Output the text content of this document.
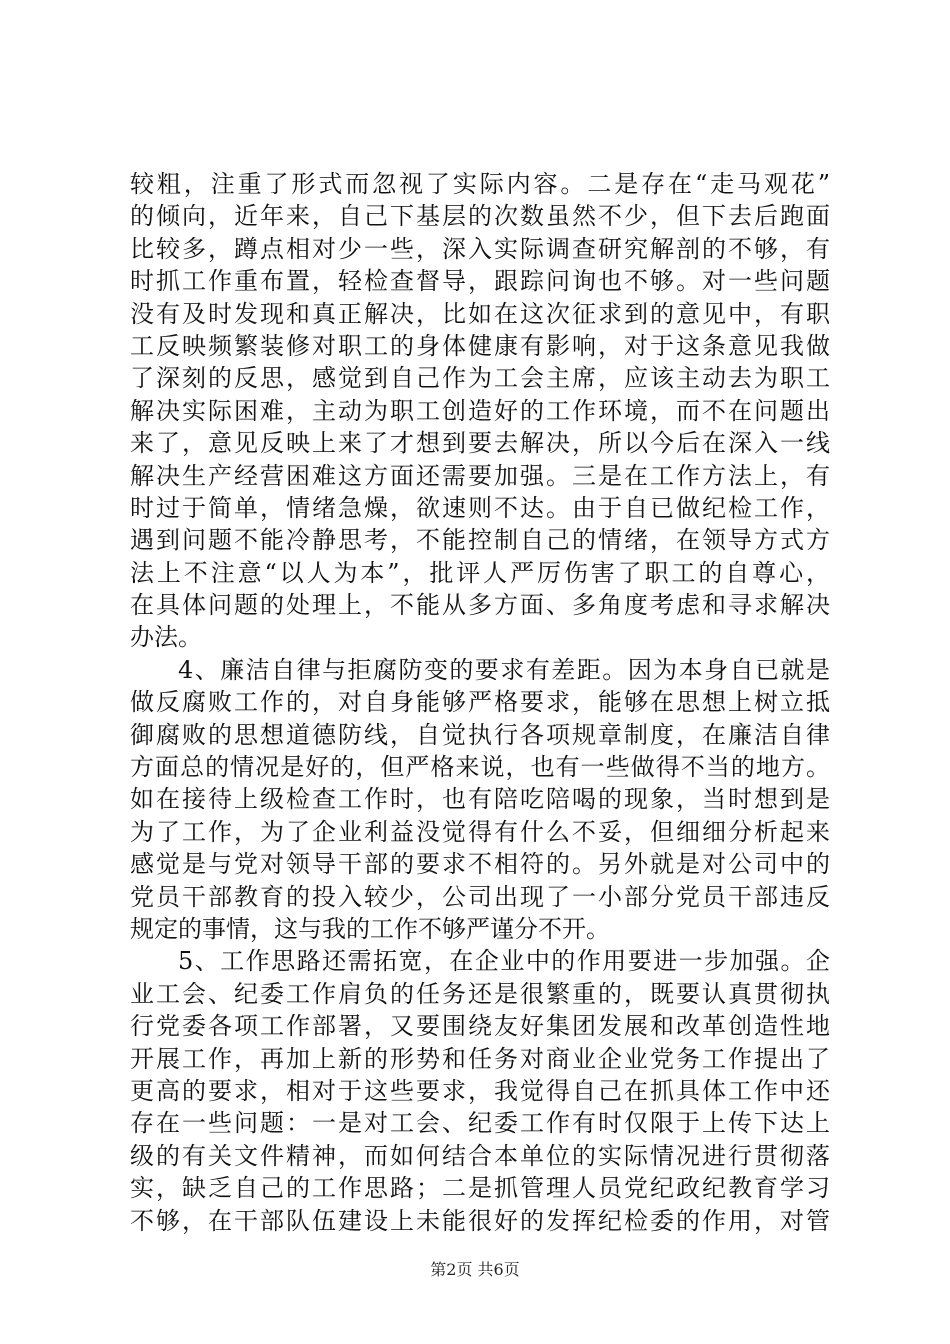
较粗，注重了形式而忽视了实际内容。二是存在“走马观花”
的倾向，近年来，自己下基层的次数虽然不少，但下去后跑面
比较多，蹲点相对少一些，深入实际调查研究解剖的不够，有
时抓工作重布置，轻检查督导，跟踪问询也不够。对一些问题
没有及时发现和真正解决，比如在这次征求到的意见中，有职
工反映频繁装修对职工的身体健康有影响，对于这条意见我做
了深刻的反思，感觉到自己作为工会主席，应该主动去为职工
解决实际困难，主动为职工创造好的工作环境，而不在问题出
来了，意见反映上来了才想到要去解决，所以今后在深入一线
解决生产经营困难这方面还需要加强。三是在工作方法上，有
时过于简单，情绪急燥，欲速则不达。由于自已做纪检工作，
遇到问题不能冷静思考，不能控制自己的情绪，在领导方式方
法上不注意“以人为本”，批评人严厉伤害了职工的自尊心，
在具体问题的处理上，不能从多方面、多角度考虑和寻求解决
办法。
4、廉洁自律与拒腐防变的要求有差距。因为本身自已就是
做反腐败工作的，对自身能够严格要求，能够在思想上树立抵
御腐败的思想道德防线，自觉执行各项规章制度，在廉洁自律
方面总的情况是好的，但严格来说，也有一些做得不当的地方。
如在接待上级检查工作时，也有陪吃陪喝的现象，当时想到是
为了工作，为了企业利益没觉得有什么不妥，但细细分析起来
感觉是与党对领导干部的要求不相符的。另外就是对公司中的
党员干部教育的投入较少，公司出现了一小部分党员干部违反
规定的事情，这与我的工作不够严谨分不开。
5、工作思路还需拓宽，在企业中的作用要进一步加强。企
业工会、纪委工作肩负的任务还是很繁重的，既要认真贯彻执
行党委各项工作部署，又要围绕友好集团发展和改革创造性地
开展工作，再加上新的形势和任务对商业企业党务工作提出了
更高的要求，相对于这些要求，我觉得自己在抓具体工作中还
存在一些问题：一是对工会、纪委工作有时仅限于上传下达上
级的有关文件精神，而如何结合本单位的实际情况进行贯彻落
实，缺乏自己的工作思路；二是抓管理人员党纪政纪教育学习
不够，在干部队伍建设上未能很好的发挥纪检委的作用，对管
第2页 共6页
